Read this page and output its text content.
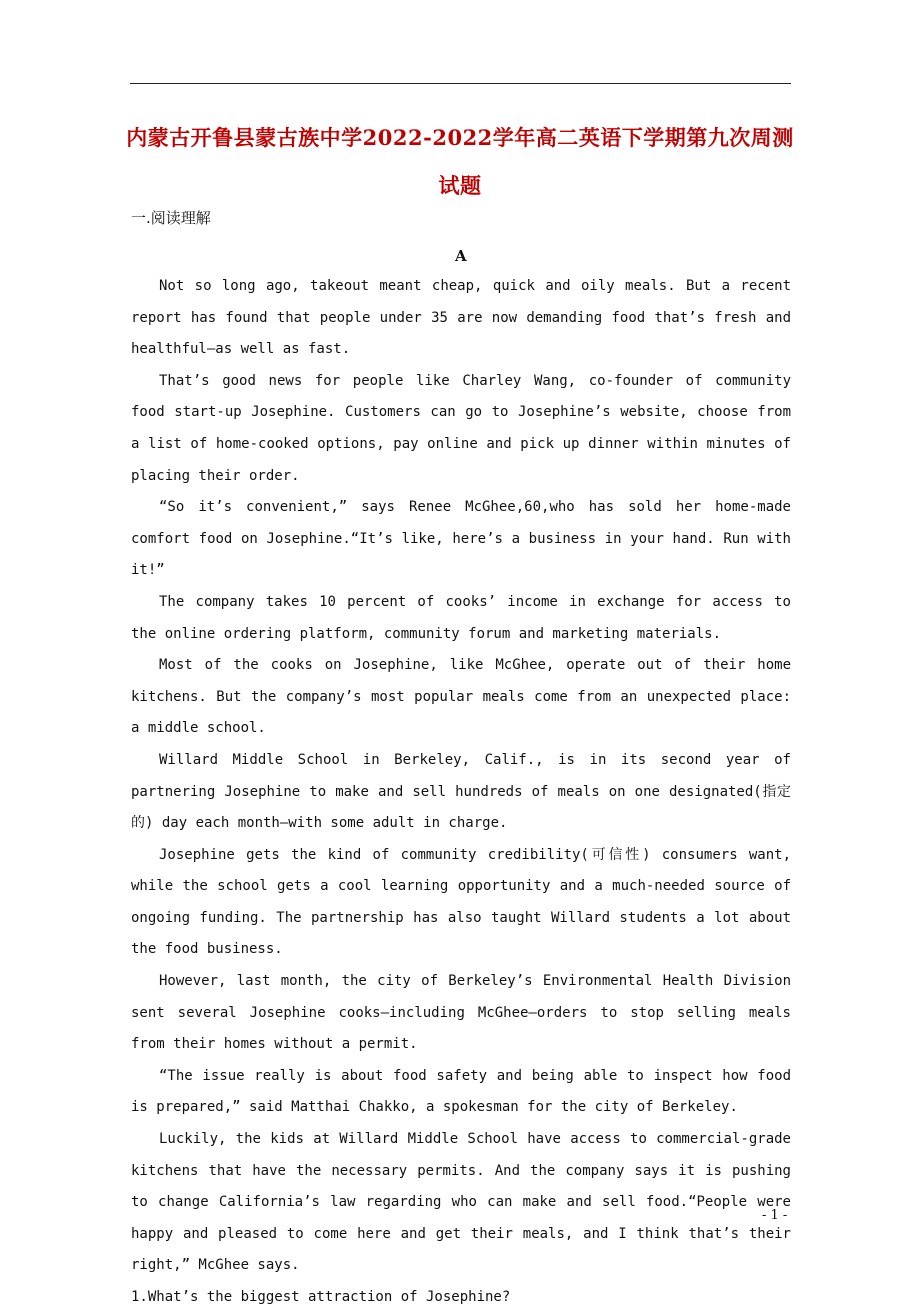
内蒙古开鲁县蒙古族中学2022-2022学年高二英语下学期第九次周测
试题
一.阅读理解
A

Not so long ago, takeout meant cheap, quick and oily meals. But a recent report has found that people under 35 are now demanding food that’s fresh and healthful—as well as fast.

That’s good news for people like Charley Wang, co-founder of community food start-up Josephine. Customers can go to Josephine’s website, choose from a list of home-cooked options, pay online and pick up dinner within minutes of placing their order.

“So it’s convenient,” says Renee McGhee,60,who has sold her home-made comfort food on Josephine.“It’s like, here’s a business in your hand. Run with it!”

The company takes 10 percent of cooks’ income in exchange for access to the online ordering platform, community forum and marketing materials.

Most of the cooks on Josephine, like McGhee, operate out of their home kitchens. But the company’s most popular meals come from an unexpected place: a middle school.

Willard Middle School in Berkeley, Calif., is in its second year of partnering Josephine to make and sell hundreds of meals on one designated(指定的) day each month—with some adult in charge.

Josephine gets the kind of community credibility(可信性) consumers want, while the school gets a cool learning opportunity and a much-needed source of ongoing funding. The partnership has also taught Willard students a lot about the food business.

However, last month, the city of Berkeley’s Environmental Health Division sent several Josephine cooks—including McGhee—orders to stop selling meals from their homes without a permit.

“The issue really is about food safety and being able to inspect how food is prepared,” said Matthai Chakko, a spokesman for the city of Berkeley.

Luckily, the kids at Willard Middle School have access to commercial-grade kitchens that have the necessary permits. And the company says it is pushing to change California’s law regarding who can make and sell food.“People were happy and pleased to come here and get their meals, and I think that’s their right,” McGhee says.

1.What’s the biggest attraction of Josephine?

- 1 -
